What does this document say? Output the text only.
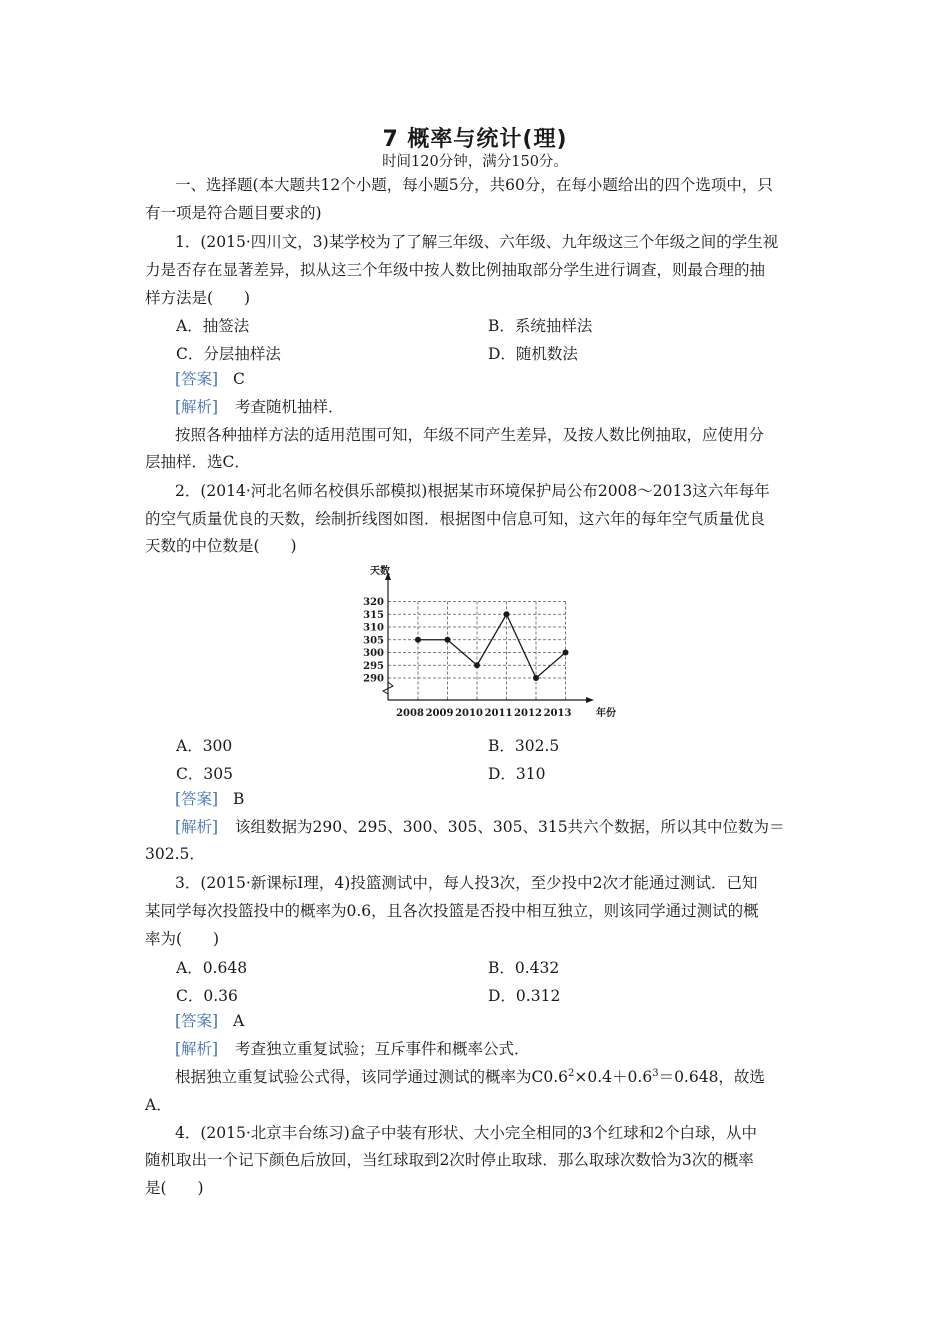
7 概率与统计(理)
时间120分钟，满分150分。
一、选择题(本大题共12个小题，每小题5分，共60分，在每小题给出的四个选项中，只
有一项是符合题目要求的)
1．(2015·四川文，3)某学校为了了解三年级、六年级、九年级这三个年级之间的学生视
力是否存在显著差异，拟从这三个年级中按人数比例抽取部分学生进行调查，则最合理的抽
样方法是(　　)
A．抽签法	B．系统抽样法
C．分层抽样法	D．随机数法
[答案] C
[解析] 考查随机抽样．
按照各种抽样方法的适用范围可知，年级不同产生差异，及按人数比例抽取，应使用分
层抽样．选C．
2．(2014·河北名师名校俱乐部模拟)根据某市环境保护局公布2008～2013这六年每年
的空气质量优良的天数，绘制折线图如图．根据图中信息可知，这六年的每年空气质量优良
天数的中位数是(　　)
320
315
310
305
300
295
290
2008 2009 2010 2011 2012 2013
天数
年份
A．300	B．302.5
C．305	D．310
[答案] B
[解析] 该组数据为290、295、300、305、305、315共六个数据，所以其中位数为＝
302.5．
3．(2015·新课标Ⅰ理，4)投篮测试中，每人投3次，至少投中2次才能通过测试．已知
某同学每次投篮投中的概率为0.6，且各次投篮是否投中相互独立，则该同学通过测试的概
率为(　　)
A．0.648	B．0.432
C．0.36	D．0.312
[答案] A
[解析] 考查独立重复试验；互斥事件和概率公式．
根据独立重复试验公式得，该同学通过测试的概率为$C0.6^2\times 0.4+0.6^3=0.648$，故选
A．
4．(2015·北京丰台练习)盒子中装有形状、大小完全相同的3个红球和2个白球，从中
随机取出一个记下颜色后放回，当红球取到2次时停止取球．那么取球次数恰为3次的概率
是(　　)
